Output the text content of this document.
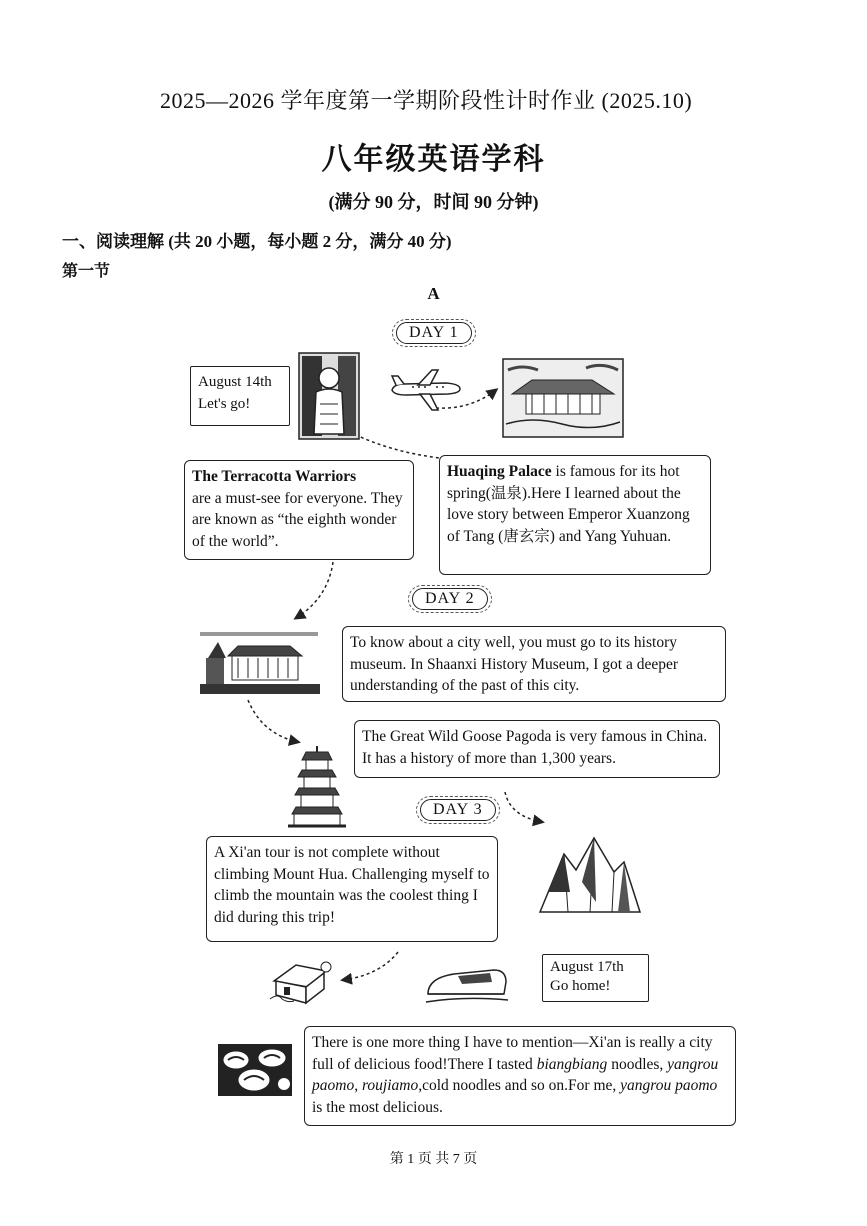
2025—2026 学年度第一学期阶段性计时作业 (2025.10)
八年级英语学科
(满分 90 分，时间 90 分钟)
一、阅读理解 (共 20 小题，每小题 2 分，满分 40 分)
第一节
A
DAY 1
DAY 2
DAY 3
August 14th
Let's go!
The Terracotta Warriors
are a must-see for everyone. They are known as “the eighth wonder of the world”.
Huaqing Palace is famous for its hot spring(温泉).Here I learned about the love story between Emperor Xuanzong of Tang (唐玄宗) and Yang Yuhuan.
To know about a city well, you must go to its history museum. In Shaanxi History Museum, I got a deeper understanding of the past of this city.
The Great Wild Goose Pagoda is very famous in China. It has a history of more than 1,300 years.
A Xi'an tour is not complete without climbing Mount Hua. Challenging myself to climb the mountain was the coolest thing I did during this trip!
August 17th
Go home!
There is one more thing I have to mention—Xi'an is really a city full of delicious food!There I tasted biangbiang noodles, yangrou paomo, roujiamo,cold noodles and so on.For me, yangrou paomo is the most delicious.
第 1 页 共 7 页
